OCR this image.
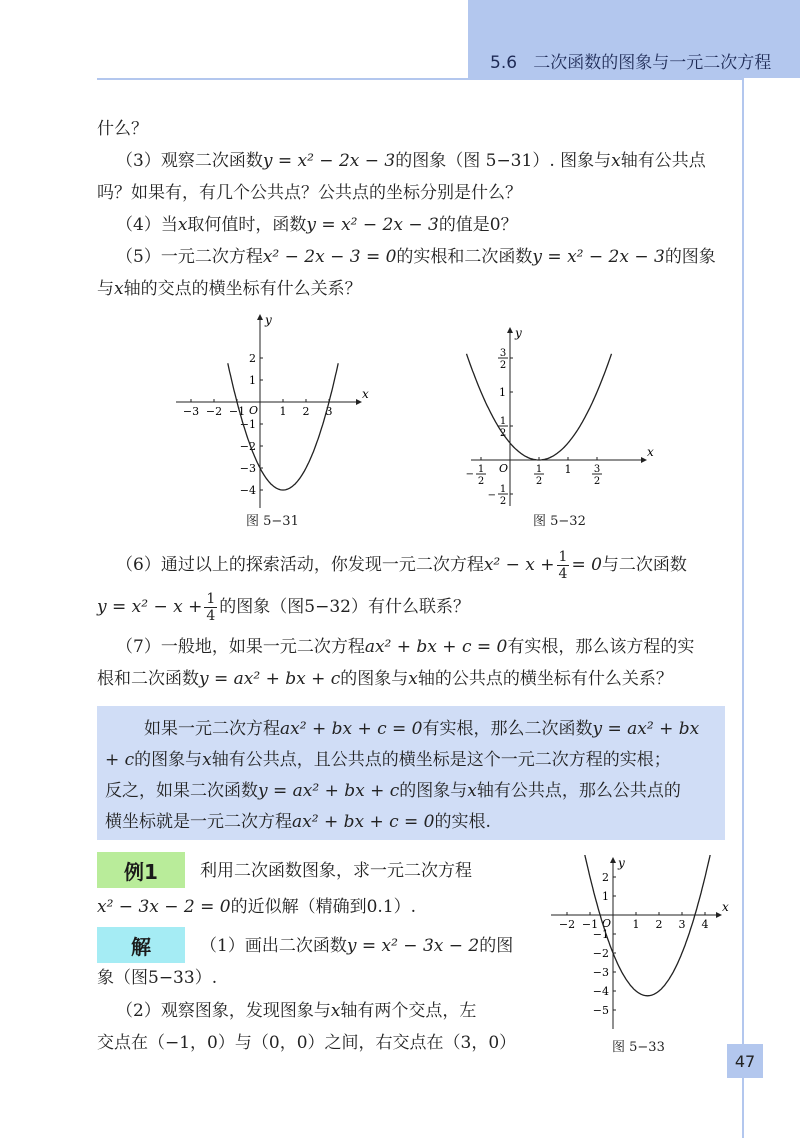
5.6 二次函数的图象与一元二次方程
什么？
（3）观察二次函数y = x² − 2x − 3的图象（图 5−31）. 图象与x轴有公共点
吗？如果有，有几个公共点？公共点的坐标分别是什么？
（4）当x取何值时，函数y = x² − 2x − 3的值是0？
（5）一元二次方程x² − 2x − 3 = 0的实根和二次函数y = x² − 2x − 3的图象
与x轴的交点的横坐标有什么关系？
x
y
O
−3 −2 −1	1 2 3
2
1
−1
−2
−3
−4
图 5−31
x
y
O
1
2
−	1
2
1 3
2
3
2
1
1
2
1
2
−
图 5−32
（6）通过以上的探索活动，你发现一元二次方程$x^2 - x + \frac{1}{4} = 0$与二次函数
$y = x^2 - x + \frac{1}{4}$ 的图象（图5−32）有什么联系？
（7）一般地，如果一元二次方程ax² + bx + c = 0有实根，那么该方程的实
根和二次函数y = ax² + bx + c的图象与x轴的公共点的横坐标有什么关系？
如果一元二次方程ax² + bx + c = 0有实根，那么二次函数y = ax² + bx
+ c的图象与x轴有公共点，且公共点的横坐标是这个一元二次方程的实根；
反之，如果二次函数y = ax² + bx + c的图象与x轴有公共点，那么公共点的
横坐标就是一元二次方程ax² + bx + c = 0的实根.
例1	利用二次函数图象，求一元二次方程
x² − 3x − 2 = 0的近似解（精确到0.1）.
解	（1）画出二次函数y = x² − 3x − 2的图
象（图5−33）.
（2）观察图象，发现图象与x轴有两个交点，左
交点在（−1，0）与（0，0）之间，右交点在（3，0）
x
y
O
−2 −1	1 2 3 4
2
1
−1
−2
−3
−4
−5
图 5−33
47
